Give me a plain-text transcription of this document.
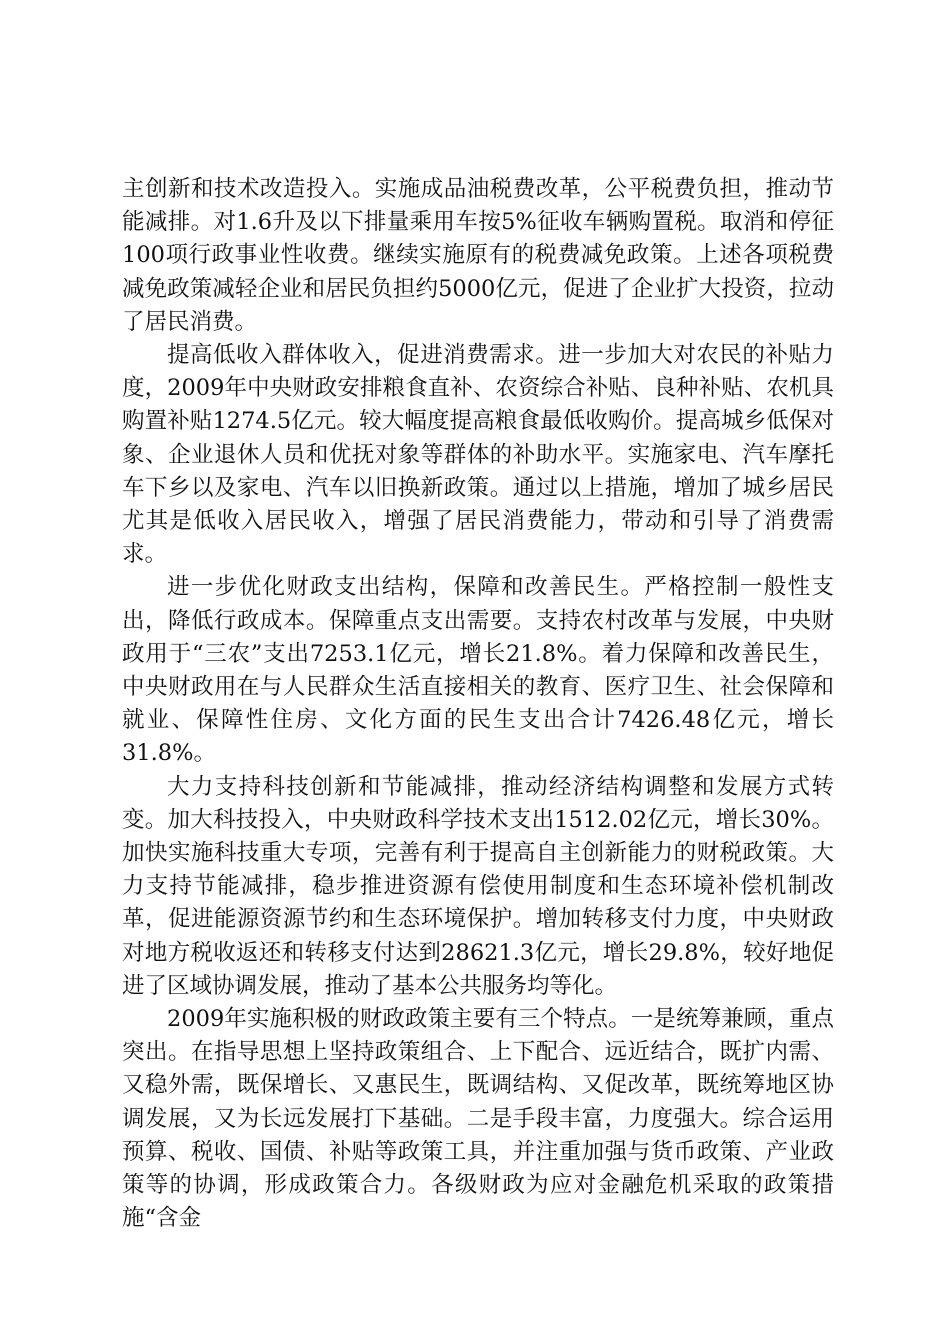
主创新和技术改造投入。实施成品油税费改革，公平税费负担，推动节能减排。对1.6升及以下排量乘用车按5%征收车辆购置税。取消和停征100项行政事业性收费。继续实施原有的税费减免政策。上述各项税费减免政策减轻企业和居民负担约5000亿元，促进了企业扩大投资，拉动了居民消费。

提高低收入群体收入，促进消费需求。进一步加大对农民的补贴力度，2009年中央财政安排粮食直补、农资综合补贴、良种补贴、农机具购置补贴1274.5亿元。较大幅度提高粮食最低收购价。提高城乡低保对象、企业退休人员和优抚对象等群体的补助水平。实施家电、汽车摩托车下乡以及家电、汽车以旧换新政策。通过以上措施，增加了城乡居民尤其是低收入居民收入，增强了居民消费能力，带动和引导了消费需求。

进一步优化财政支出结构，保障和改善民生。严格控制一般性支出，降低行政成本。保障重点支出需要。支持农村改革与发展，中央财政用于“三农”支出7253.1亿元，增长21.8%。着力保障和改善民生，中央财政用在与人民群众生活直接相关的教育、医疗卫生、社会保障和就业、保障性住房、文化方面的民生支出合计7426.48亿元，增长31.8%。

大力支持科技创新和节能减排，推动经济结构调整和发展方式转变。加大科技投入，中央财政科学技术支出1512.02亿元，增长30%。加快实施科技重大专项，完善有利于提高自主创新能力的财税政策。大力支持节能减排，稳步推进资源有偿使用制度和生态环境补偿机制改革，促进能源资源节约和生态环境保护。增加转移支付力度，中央财政对地方税收返还和转移支付达到28621.3亿元，增长29.8%，较好地促进了区域协调发展，推动了基本公共服务均等化。

2009年实施积极的财政政策主要有三个特点。一是统筹兼顾，重点突出。在指导思想上坚持政策组合、上下配合、远近结合，既扩内需、又稳外需，既保增长、又惠民生，既调结构、又促改革，既统筹地区协调发展，又为长远发展打下基础。二是手段丰富，力度强大。综合运用预算、税收、国债、补贴等政策工具，并注重加强与货币政策、产业政策等的协调，形成政策合力。各级财政为应对金融危机采取的政策措施“含金
